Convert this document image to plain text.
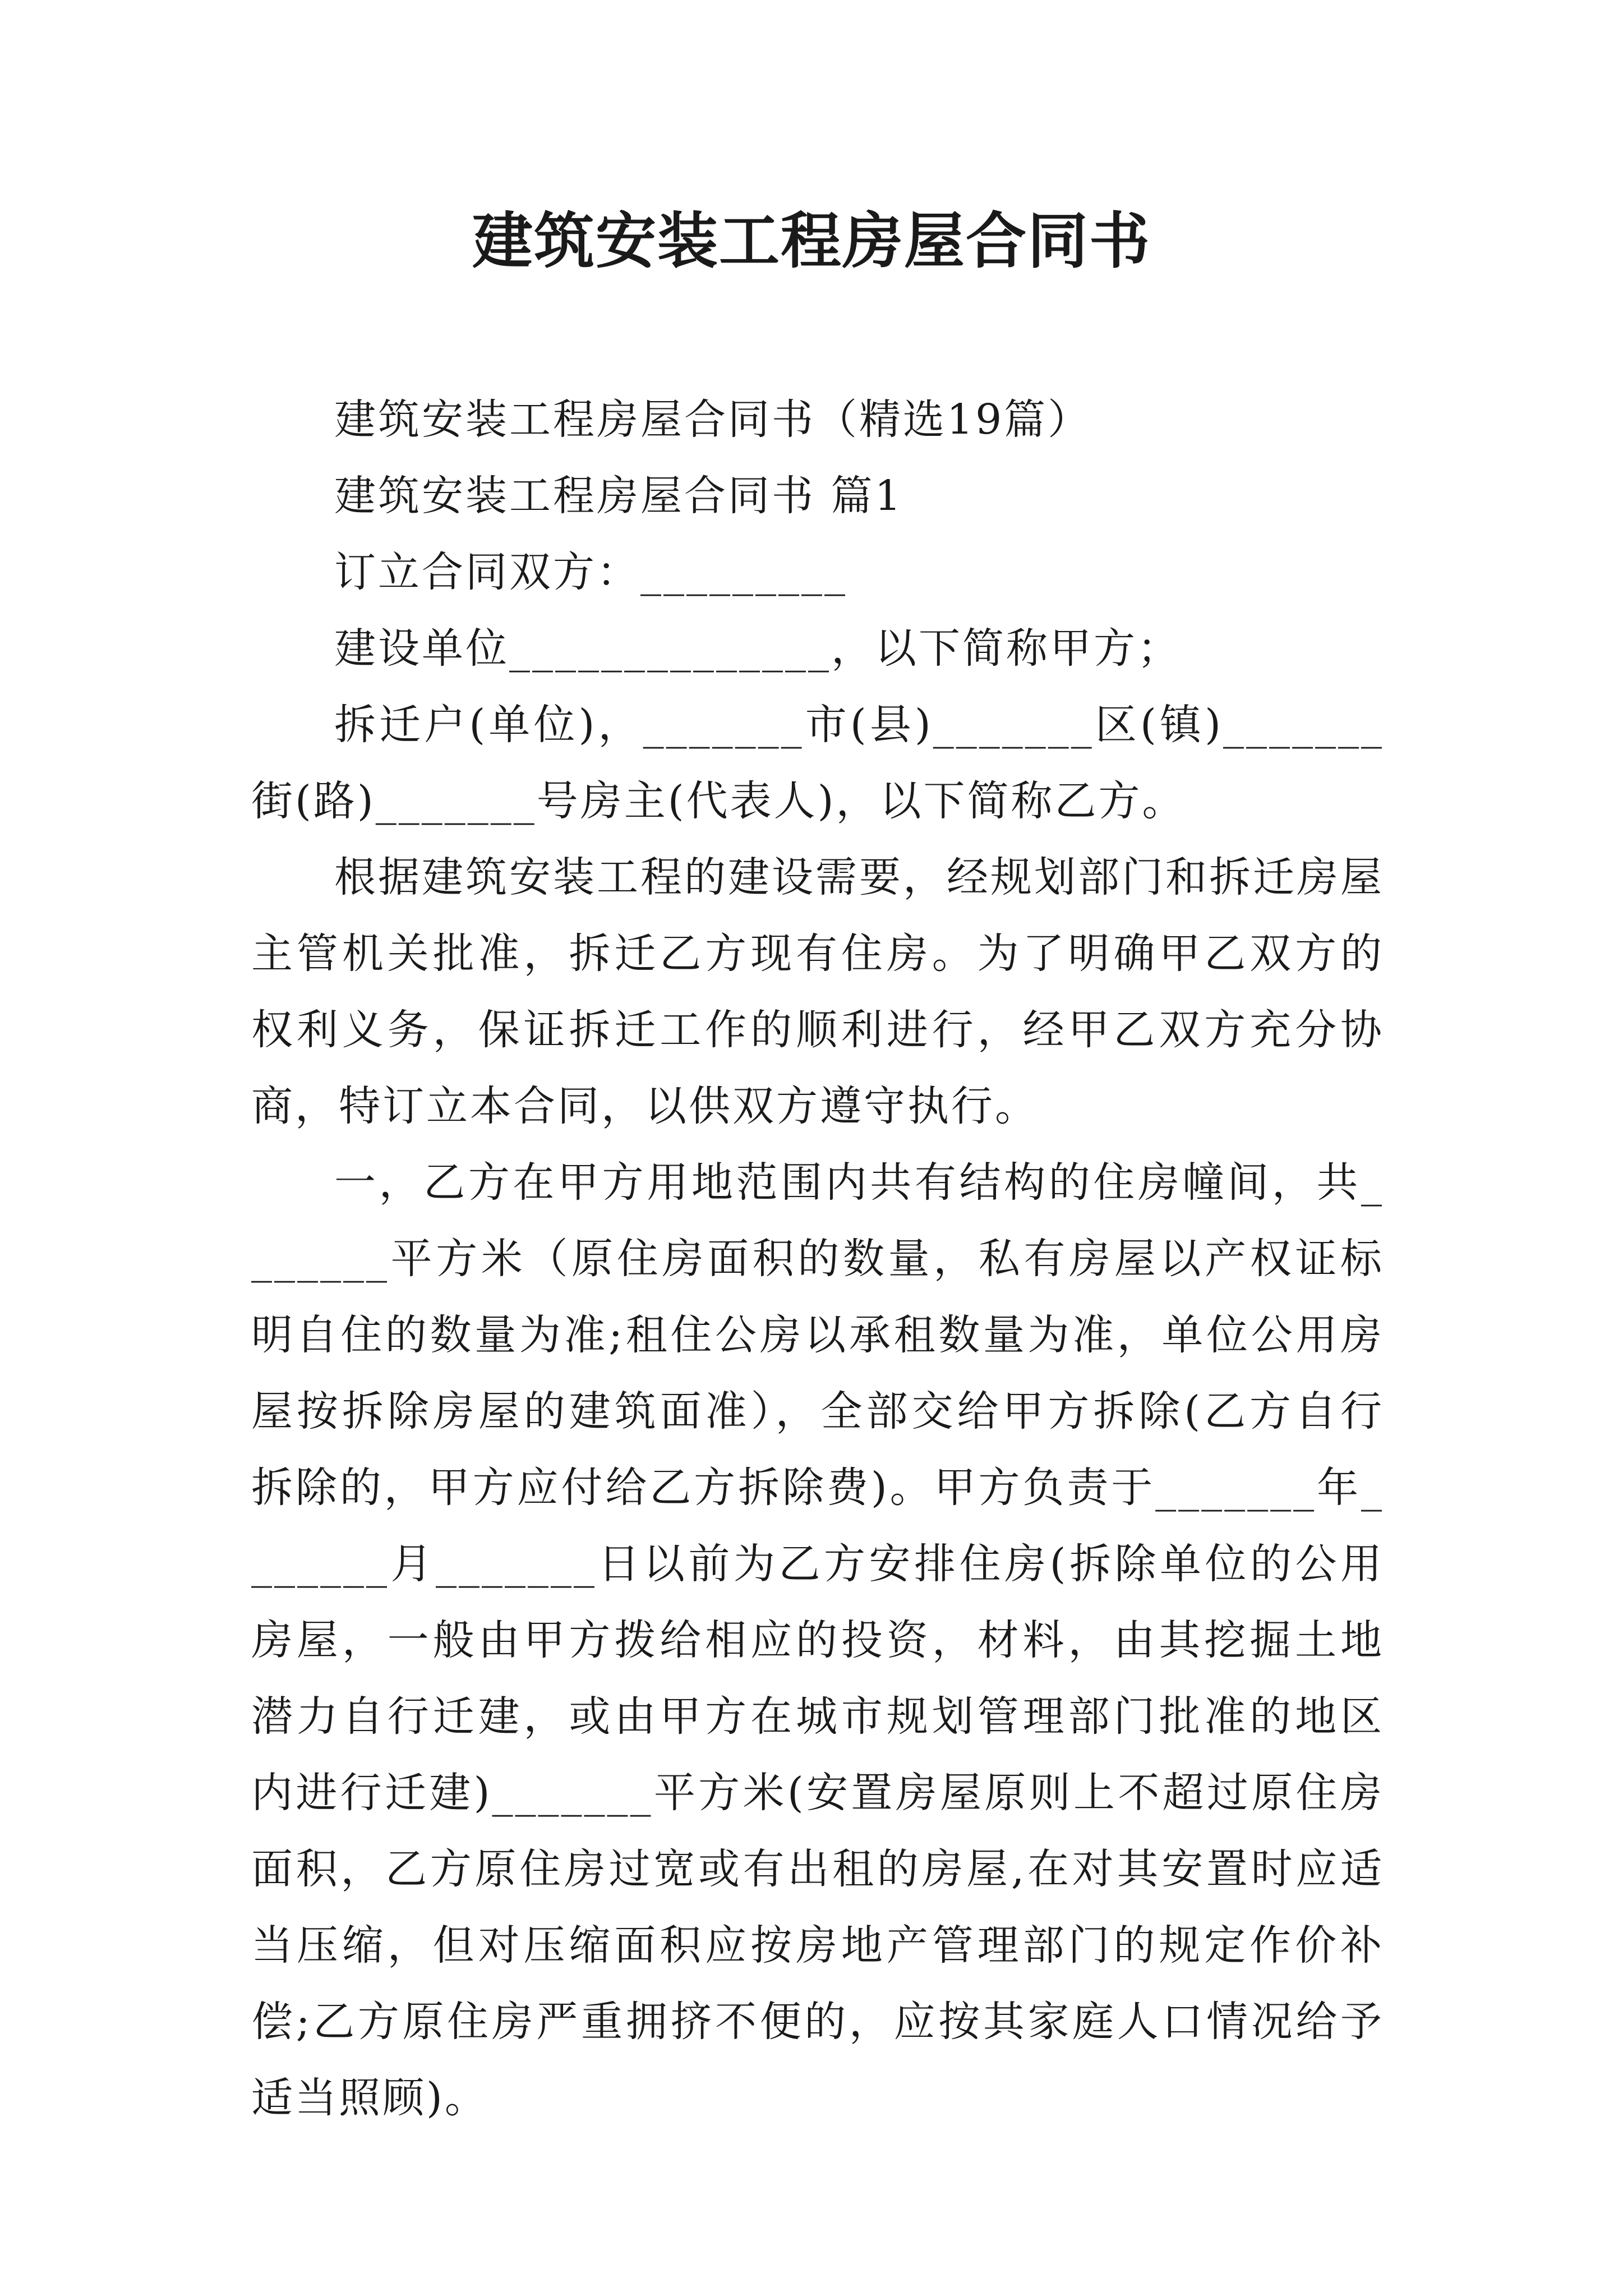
建筑安装工程房屋合同书

建筑安装工程房屋合同书（精选19篇）

建筑安装工程房屋合同书 篇1

订立合同双方：_________

建设单位______________，以下简称甲方；

拆迁户(单位)，_______市(县)_______区(镇)_______街(路)_______号房主(代表人)，以下简称乙方。

根据建筑安装工程的建设需要，经规划部门和拆迁房屋主管机关批准，拆迁乙方现有住房。为了明确甲乙双方的权利义务，保证拆迁工作的顺利进行，经甲乙双方充分协商，特订立本合同，以供双方遵守执行。

一，乙方在甲方用地范围内共有结构的住房幢间，共_______平方米（原住房面积的数量，私有房屋以产权证标明自住的数量为准;租住公房以承租数量为准，单位公用房屋按拆除房屋的建筑面准），全部交给甲方拆除(乙方自行拆除的，甲方应付给乙方拆除费)。甲方负责于_______年_______月_______日以前为乙方安排住房(拆除单位的公用房屋，一般由甲方拨给相应的投资，材料，由其挖掘土地潜力自行迁建，或由甲方在城市规划管理部门批准的地区内进行迁建)_______平方米(安置房屋原则上不超过原住房面积，乙方原住房过宽或有出租的房屋,在对其安置时应适当压缩，但对压缩面积应按房地产管理部门的规定作价补偿;乙方原住房严重拥挤不便的，应按其家庭人口情况给予适当照顾)。
